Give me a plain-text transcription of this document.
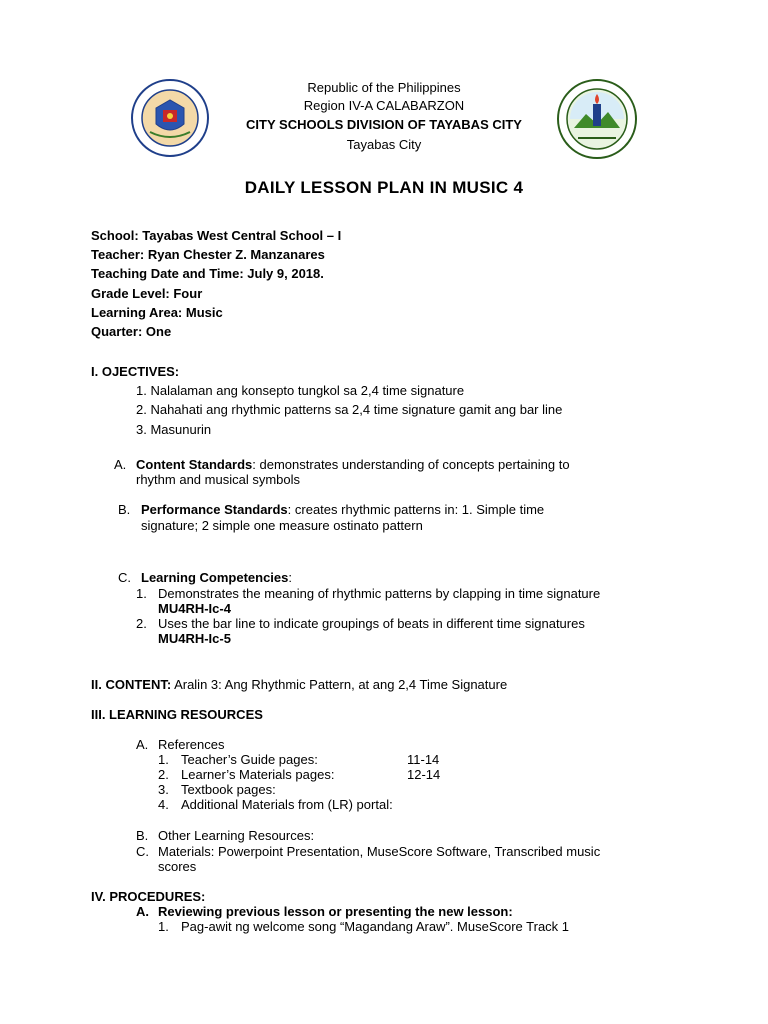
Republic of the Philippines
Region IV-A CALABARZON
CITY SCHOOLS DIVISION OF TAYABAS CITY
Tayabas City
DAILY LESSON PLAN IN MUSIC 4
School: Tayabas West Central School – I
Teacher: Ryan Chester Z. Manzanares
Teaching Date and Time: July 9, 2018.
Grade Level: Four
Learning Area: Music
Quarter: One
I. OJECTIVES:
1. Nalalaman ang konsepto tungkol sa 2,4 time signature
2. Nahahati ang rhythmic patterns sa 2,4 time signature gamit ang bar line
3. Masunurin
A. Content Standards: demonstrates understanding of concepts pertaining to
rhythm and musical symbols
B. Performance Standards: creates rhythmic patterns in: 1. Simple time
signature; 2 simple one measure ostinato pattern
C. Learning Competencies:
1. Demonstrates the meaning of rhythmic patterns by clapping in time signature
MU4RH-Ic-4
2. Uses the bar line to indicate groupings of beats in different time signatures
MU4RH-Ic-5
II. CONTENT: Aralin 3: Ang Rhythmic Pattern, at ang 2,4 Time Signature
III. LEARNING RESOURCES
A. References
1. Teacher’s Guide pages:	11-14
2. Learner’s Materials pages:	12-14
3. Textbook pages:
4. Additional Materials from (LR) portal:
B. Other Learning Resources:
C. Materials: Powerpoint Presentation, MuseScore Software, Transcribed music
scores
IV. PROCEDURES:
A. Reviewing previous lesson or presenting the new lesson:
1. Pag-awit ng welcome song “Magandang Araw”. MuseScore Track 1
